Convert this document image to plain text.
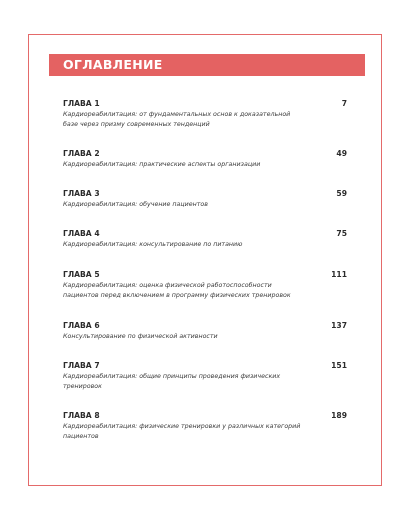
ОГЛАВЛЕНИЕ
ГЛАВА 1
Кардиореабилитация: от фундаментальных основ к доказательной базе через призму современных тенденций
7
ГЛАВА 2
Кардиореабилитация: практические аспекты организации
49
ГЛАВА 3
Кардиореабилитация: обучение пациентов
59
ГЛАВА 4
Кардиореабилитация: консультирование по питанию
75
ГЛАВА 5
Кардиореабилитация: оценка физической работоспособности пациентов перед включением в программу физических тренировок
111
ГЛАВА 6
Консультирование по физической активности
137
ГЛАВА 7
Кардиореабилитация: общие принципы проведения физических тренировок
151
ГЛАВА 8
Кардиореабилитация: физические тренировки у различных категорий пациентов
189
